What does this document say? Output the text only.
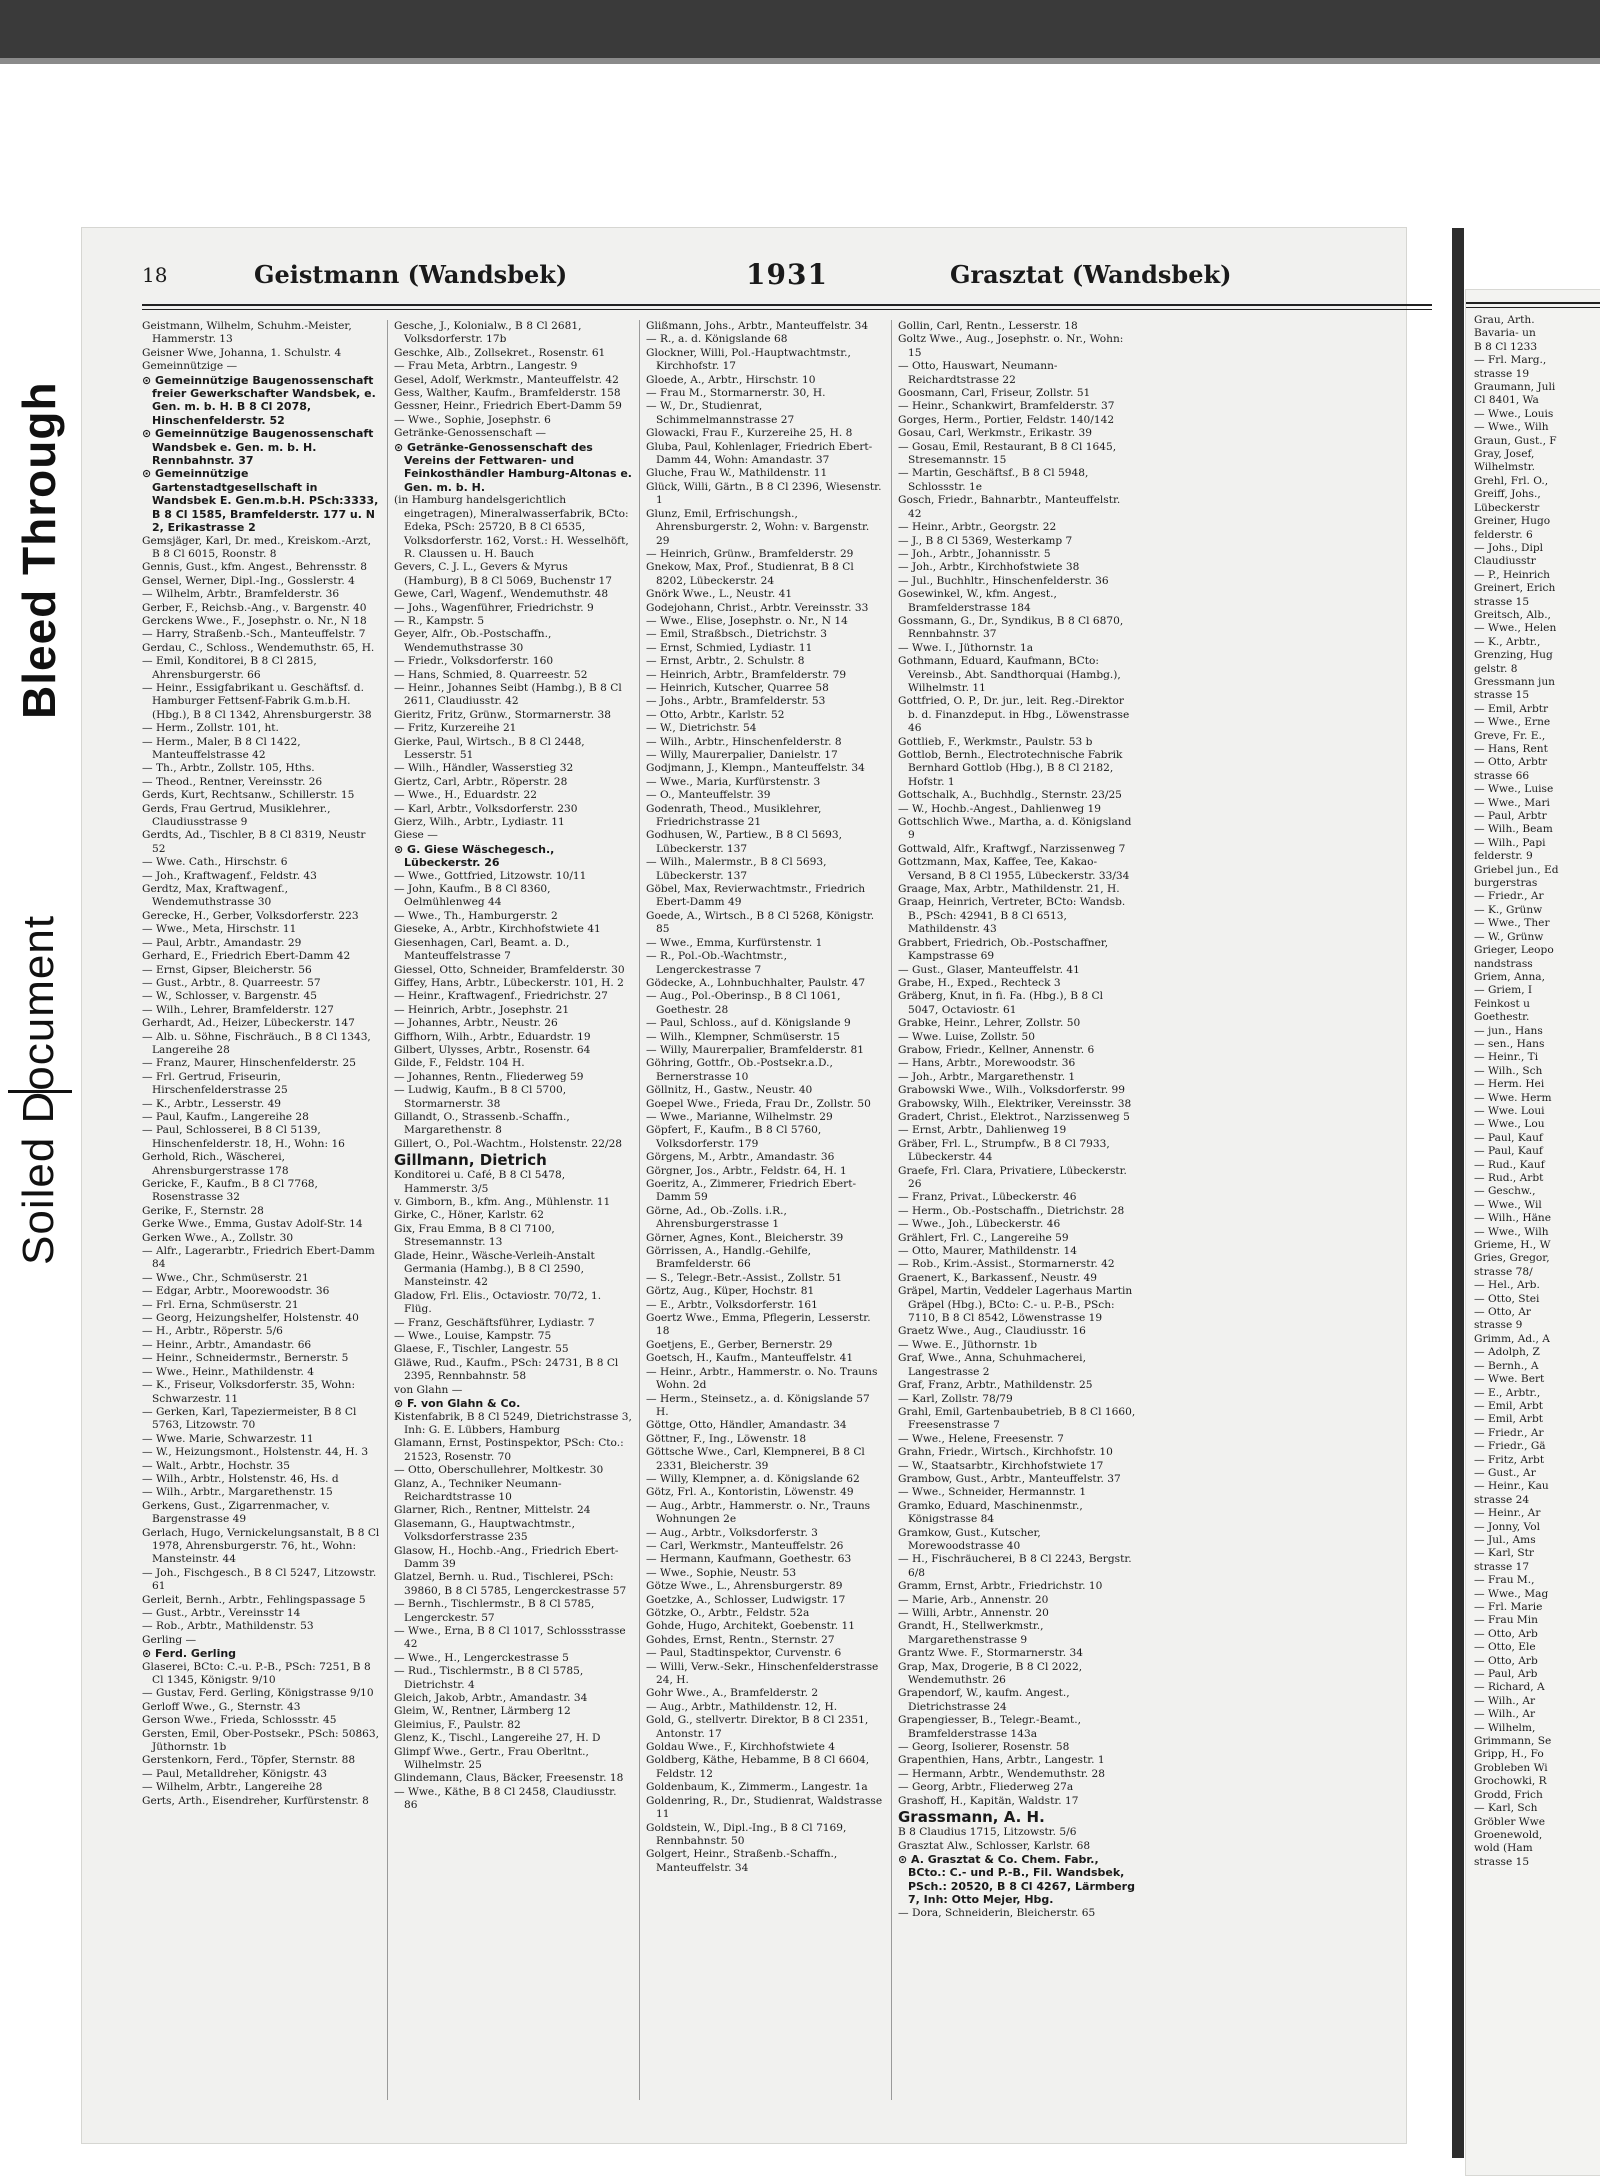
Bleed Through
Soiled Document
18	Geistmann (Wandsbek)	1931	Grasztat (Wandsbek)

Geistmann, Wilhelm, Schuhm.-Meister, Hammerstr. 13

Geisner Wwe, Johanna, 1. Schulstr. 4

Gemeinnützige —

⊙ Gemeinnützige Baugenossenschaft freier Gewerkschafter Wandsbek, e. Gen. m. b. H. B 8 Cl 2078, Hinschenfelderstr. 52

⊙ Gemeinnützige Baugenossenschaft Wandsbek e. Gen. m. b. H. Rennbahnstr. 37

⊙ Gemeinnützige Gartenstadtgesellschaft in Wandsbek E. Gen.m.b.H. PSch:3333, B 8 Cl 1585, Bramfelderstr. 177 u. N 2, Erikastrasse 2

Gemsjäger, Karl, Dr. med., Kreiskom.-Arzt, B 8 Cl 6015, Roonstr. 8

Gennis, Gust., kfm. Angest., Behrensstr. 8

Gensel, Werner, Dipl.-Ing., Gosslerstr. 4

— Wilhelm, Arbtr., Bramfelderstr. 36

Gerber, F., Reichsb.-Ang., v. Bargenstr. 40

Gerckens Wwe., F., Josephstr. o. Nr., N 18

— Harry, Straßenb.-Sch., Manteuffelstr. 7

Gerdau, C., Schloss., Wendemuthstr. 65, H.

— Emil, Konditorei, B 8 Cl 2815, Ahrensburgerstr. 66

— Heinr., Essigfabrikant u. Geschäftsf. d. Hamburger Fettsenf-Fabrik G.m.b.H. (Hbg.), B 8 Cl 1342, Ahrensburgerstr. 38

— Herm., Zollstr. 101, ht.

— Herm., Maler, B 8 Cl 1422, Manteuffelstrasse 42

— Th., Arbtr., Zollstr. 105, Hths.

— Theod., Rentner, Vereinsstr. 26

Gerds, Kurt, Rechtsanw., Schillerstr. 15

Gerds, Frau Gertrud, Musiklehrer., Claudiusstrasse 9

Gerdts, Ad., Tischler, B 8 Cl 8319, Neustr 52

— Wwe. Cath., Hirschstr. 6

— Joh., Kraftwagenf., Feldstr. 43

Gerdtz, Max, Kraftwagenf., Wendemuthstrasse 30

Gerecke, H., Gerber, Volksdorferstr. 223

— Wwe., Meta, Hirschstr. 11

— Paul, Arbtr., Amandastr. 29

Gerhard, E., Friedrich Ebert-Damm 42

— Ernst, Gipser, Bleicherstr. 56

— Gust., Arbtr., 8. Quarreestr. 57

— W., Schlosser, v. Bargenstr. 45

— Wilh., Lehrer, Bramfelderstr. 127

Gerhardt, Ad., Heizer, Lübeckerstr. 147

— Alb. u. Söhne, Fischräuch., B 8 Cl 1343, Langereihe 28

— Franz, Maurer, Hinschenfelderstr. 25

— Frl. Gertrud, Friseurin, Hirschenfelderstrasse 25

— K., Arbtr., Lesserstr. 49

— Paul, Kaufm., Langereihe 28

— Paul, Schlosserei, B 8 Cl 5139, Hinschenfelderstr. 18, H., Wohn: 16

Gerhold, Rich., Wäscherei, Ahrensburgerstrasse 178

Gericke, F., Kaufm., B 8 Cl 7768, Rosenstrasse 32

Gerike, F., Sternstr. 28

Gerke Wwe., Emma, Gustav Adolf-Str. 14

Gerken Wwe., A., Zollstr. 30

— Alfr., Lagerarbtr., Friedrich Ebert-Damm 84

— Wwe., Chr., Schmüserstr. 21

— Edgar, Arbtr., Moorewoodstr. 36

— Frl. Erna, Schmüserstr. 21

— Georg, Heizungshelfer, Holstenstr. 40

— H., Arbtr., Röperstr. 5/6

— Heinr., Arbtr., Amandastr. 66

— Heinr., Schneidermstr., Bernerstr. 5

— Wwe., Heinr., Mathildenstr. 4

— K., Friseur, Volksdorferstr. 35, Wohn: Schwarzestr. 11

— Gerken, Karl, Tapeziermeister, B 8 Cl 5763, Litzowstr. 70

— Wwe. Marie, Schwarzestr. 11

— W., Heizungsmont., Holstenstr. 44, H. 3

— Walt., Arbtr., Hochstr. 35

— Wilh., Arbtr., Holstenstr. 46, Hs. d

— Wilh., Arbtr., Margarethenstr. 15

Gerkens, Gust., Zigarrenmacher, v. Bargenstrasse 49

Gerlach, Hugo, Vernickelungsanstalt, B 8 Cl 1978, Ahrensburgerstr. 76, ht., Wohn: Mansteinstr. 44

— Joh., Fischgesch., B 8 Cl 5247, Litzowstr. 61

Gerleit, Bernh., Arbtr., Fehlingspassage 5

— Gust., Arbtr., Vereinsstr 14

— Rob., Arbtr., Mathildenstr. 53

Gerling —

⊙ Ferd. Gerling

Glaserei, BCto: C.-u. P.-B., PSch: 7251, B 8 Cl 1345, Königstr. 9/10

— Gustav, Ferd. Gerling, Königstrasse 9/10

Gerloff Wwe., G., Sternstr. 43

Gerson Wwe., Frieda, Schlossstr. 45

Gersten, Emil, Ober-Postsekr., PSch: 50863, Jüthornstr. 1b

Gerstenkorn, Ferd., Töpfer, Sternstr. 88

— Paul, Metalldreher, Königstr. 43

— Wilhelm, Arbtr., Langereihe 28

Gerts, Arth., Eisendreher, Kurfürstenstr. 8

Gesche, J., Kolonialw., B 8 Cl 2681, Volksdorferstr. 17b

Geschke, Alb., Zollsekret., Rosenstr. 61

— Frau Meta, Arbtrn., Langestr. 9

Gesel, Adolf, Werkmstr., Manteuffelstr. 42

Gess, Walther, Kaufm., Bramfelderstr. 158

Gessner, Heinr., Friedrich Ebert-Damm 59

— Wwe., Sophie, Josephstr. 6

Getränke-Genossenschaft —

⊙ Getränke-Genossenschaft des Vereins der Fettwaren- und Feinkosthändler Hamburg-Altonas e. Gen. m. b. H.

(in Hamburg handelsgerichtlich eingetragen), Mineralwasserfabrik, BCto: Edeka, PSch: 25720, B 8 Cl 6535, Volksdorferstr. 162, Vorst.: H. Wesselhöft, R. Claussen u. H. Bauch

Gevers, C. J. L., Gevers & Myrus (Hamburg), B 8 Cl 5069, Buchenstr 17

Gewe, Carl, Wagenf., Wendemuthstr. 48

— Johs., Wagenführer, Friedrichstr. 9

— R., Kampstr. 5

Geyer, Alfr., Ob.-Postschaffn., Wendemuthstrasse 30

— Friedr., Volksdorferstr. 160

— Hans, Schmied, 8. Quarreestr. 52

— Heinr., Johannes Seibt (Hambg.), B 8 Cl 2611, Claudiusstr. 42

Gieritz, Fritz, Grünw., Stormarnerstr. 38

— Fritz, Kurzereihe 21

Gierke, Paul, Wirtsch., B 8 Cl 2448, Lesserstr. 51

— Wilh., Händler, Wasserstieg 32

Giertz, Carl, Arbtr., Röperstr. 28

— Wwe., H., Eduardstr. 22

— Karl, Arbtr., Volksdorferstr. 230

Gierz, Wilh., Arbtr., Lydiastr. 11

Giese —

⊙ G. Giese Wäschegesch., Lübeckerstr. 26

— Wwe., Gottfried, Litzowstr. 10/11

— John, Kaufm., B 8 Cl 8360, Oelmühlenweg 44

— Wwe., Th., Hamburgerstr. 2

Gieseke, A., Arbtr., Kirchhofstwiete 41

Giesenhagen, Carl, Beamt. a. D., Manteuffelstrasse 7

Giessel, Otto, Schneider, Bramfelderstr. 30

Giffey, Hans, Arbtr., Lübeckerstr. 101, H. 2

— Heinr., Kraftwagenf., Friedrichstr. 27

— Heinrich, Arbtr., Josephstr. 21

— Johannes, Arbtr., Neustr. 26

Giffhorn, Wilh., Arbtr., Eduardstr. 19

Gilbert, Ulysses, Arbtr., Rosenstr. 64

Gilde, F., Feldstr. 104 H.

— Johannes, Rentn., Fliederweg 59

— Ludwig, Kaufm., B 8 Cl 5700, Stormarnerstr. 38

Gillandt, O., Strassenb.-Schaffn., Margarethenstr. 8

Gillert, O., Pol.-Wachtm., Holstenstr. 22/28

Gillmann, Dietrich

Konditorei u. Café, B 8 Cl 5478, Hammerstr. 3/5

v. Gimborn, B., kfm. Ang., Mühlenstr. 11

Girke, C., Höner, Karlstr. 62

Gix, Frau Emma, B 8 Cl 7100, Stresemannstr. 13

Glade, Heinr., Wäsche-Verleih-Anstalt Germania (Hambg.), B 8 Cl 2590, Mansteinstr. 42

Gladow, Frl. Elis., Octaviostr. 70/72, 1. Flüg.

— Franz, Geschäftsführer, Lydiastr. 7

— Wwe., Louise, Kampstr. 75

Glaese, F., Tischler, Langestr. 55

Gläwe, Rud., Kaufm., PSch: 24731, B 8 Cl 2395, Rennbahnstr. 58

von Glahn —

⊙ F. von Glahn & Co.

Kistenfabrik, B 8 Cl 5249, Dietrichstrasse 3, Inh: G. E. Lübbers, Hamburg

Glamann, Ernst, Postinspektor, PSch: Cto.: 21523, Rosenstr. 70

— Otto, Oberschullehrer, Moltkestr. 30

Glanz, A., Techniker Neumann-Reichardtstrasse 10

Glarner, Rich., Rentner, Mittelstr. 24

Glasemann, G., Hauptwachtmstr., Volksdorferstrasse 235

Glasow, H., Hochb.-Ang., Friedrich Ebert-Damm 39

Glatzel, Bernh. u. Rud., Tischlerei, PSch: 39860, B 8 Cl 5785, Lengerckestrasse 57

— Bernh., Tischlermstr., B 8 Cl 5785, Lengerckestr. 57

— Wwe., Erna, B 8 Cl 1017, Schlossstrasse 42

— Wwe., H., Lengerckestrasse 5

— Rud., Tischlermstr., B 8 Cl 5785, Dietrichstr. 4

Gleich, Jakob, Arbtr., Amandastr. 34

Gleim, W., Rentner, Lärmberg 12

Gleimius, F., Paulstr. 82

Glenz, K., Tischl., Langereihe 27, H. D

Glimpf Wwe., Gertr., Frau Oberltnt., Wilhelmstr. 25

Glindemann, Claus, Bäcker, Freesenstr. 18

— Wwe., Käthe, B 8 Cl 2458, Claudiusstr. 86

Glißmann, Johs., Arbtr., Manteuffelstr. 34

— R., a. d. Königslande 68

Glockner, Willi, Pol.-Hauptwachtmstr., Kirchhofstr. 17

Gloede, A., Arbtr., Hirschstr. 10

— Frau M., Stormarnerstr. 30, H.

— W., Dr., Studienrat, Schimmelmannstrasse 27

Glowacki, Frau F., Kurzereihe 25, H. 8

Gluba, Paul, Kohlenlager, Friedrich Ebert-Damm 44, Wohn: Amandastr. 37

Gluche, Frau W., Mathildenstr. 11

Glück, Willi, Gärtn., B 8 Cl 2396, Wiesenstr. 1

Glunz, Emil, Erfrischungsh., Ahrensburgerstr. 2, Wohn: v. Bargenstr. 29

— Heinrich, Grünw., Bramfelderstr. 29

Gnekow, Max, Prof., Studienrat, B 8 Cl 8202, Lübeckerstr. 24

Gnörk Wwe., L., Neustr. 41

Godejohann, Christ., Arbtr. Vereinsstr. 33

— Wwe., Elise, Josephstr. o. Nr., N 14

— Emil, Straßbsch., Dietrichstr. 3

— Ernst, Schmied, Lydiastr. 11

— Ernst, Arbtr., 2. Schulstr. 8

— Heinrich, Arbtr., Bramfelderstr. 79

— Heinrich, Kutscher, Quarree 58

— Johs., Arbtr., Bramfelderstr. 53

— Otto, Arbtr., Karlstr. 52

— W., Dietrichstr. 54

— Wilh., Arbtr., Hinschenfelderstr. 8

— Willy, Maurerpalier, Danielstr. 17

Godjmann, J., Klempn., Manteuffelstr. 34

— Wwe., Maria, Kurfürstenstr. 3

— O., Manteuffelstr. 39

Godenrath, Theod., Musiklehrer, Friedrichstrasse 21

Godhusen, W., Partiew., B 8 Cl 5693, Lübeckerstr. 137

— Wilh., Malermstr., B 8 Cl 5693, Lübeckerstr. 137

Göbel, Max, Revierwachtmstr., Friedrich Ebert-Damm 49

Goede, A., Wirtsch., B 8 Cl 5268, Königstr. 85

— Wwe., Emma, Kurfürstenstr. 1

— R., Pol.-Ob.-Wachtmstr., Lengerckestrasse 7

Gödecke, A., Lohnbuchhalter, Paulstr. 47

— Aug., Pol.-Oberinsp., B 8 Cl 1061, Goethestr. 28

— Paul, Schloss., auf d. Königslande 9

— Wilh., Klempner, Schmüserstr. 15

— Willy, Maurerpalier, Bramfelderstr. 81

Göhring, Gottfr., Ob.-Postsekr.a.D., Bernerstrasse 10

Göllnitz, H., Gastw., Neustr. 40

Goepel Wwe., Frieda, Frau Dr., Zollstr. 50

— Wwe., Marianne, Wilhelmstr. 29

Göpfert, F., Kaufm., B 8 Cl 5760, Volksdorferstr. 179

Görgens, M., Arbtr., Amandastr. 36

Görgner, Jos., Arbtr., Feldstr. 64, H. 1

Goeritz, A., Zimmerer, Friedrich Ebert-Damm 59

Görne, Ad., Ob.-Zolls. i.R., Ahrensburgerstrasse 1

Görner, Agnes, Kont., Bleicherstr. 39

Görrissen, A., Handlg.-Gehilfe, Bramfelderstr. 66

— S., Telegr.-Betr.-Assist., Zollstr. 51

Görtz, Aug., Küper, Hochstr. 81

— E., Arbtr., Volksdorferstr. 161

Goertz Wwe., Emma, Pflegerin, Lesserstr. 18

Goetjens, E., Gerber, Bernerstr. 29

Goetsch, H., Kaufm., Manteuffelstr. 41

— Heinr., Arbtr., Hammerstr. o. No. Trauns Wohn. 2d

— Herm., Steinsetz., a. d. Königslande 57 H.

Göttge, Otto, Händler, Amandastr. 34

Göttner, F., Ing., Löwenstr. 18

Göttsche Wwe., Carl, Klempnerei, B 8 Cl 2331, Bleicherstr. 39

— Willy, Klempner, a. d. Königslande 62

Götz, Frl. A., Kontoristin, Löwenstr. 49

— Aug., Arbtr., Hammerstr. o. Nr., Trauns Wohnungen 2e

— Aug., Arbtr., Volksdorferstr. 3

— Carl, Werkmstr., Manteuffelstr. 26

— Hermann, Kaufmann, Goethestr. 63

— Wwe., Sophie, Neustr. 53

Götze Wwe., L., Ahrensburgerstr. 89

Goetzke, A., Schlosser, Ludwigstr. 17

Götzke, O., Arbtr., Feldstr. 52a

Gohde, Hugo, Architekt, Goebenstr. 11

Gohdes, Ernst, Rentn., Sternstr. 27

— Paul, Stadtinspektor, Curvenstr. 6

— Willi, Verw.-Sekr., Hinschenfelderstrasse 24, H.

Gohr Wwe., A., Bramfelderstr. 2

— Aug., Arbtr., Mathildenstr. 12, H.

Gold, G., stellvertr. Direktor, B 8 Cl 2351, Antonstr. 17

Goldau Wwe., F., Kirchhofstwiete 4

Goldberg, Käthe, Hebamme, B 8 Cl 6604, Feldstr. 12

Goldenbaum, K., Zimmerm., Langestr. 1a

Goldenring, R., Dr., Studienrat, Waldstrasse 11

Goldstein, W., Dipl.-Ing., B 8 Cl 7169, Rennbahnstr. 50

Golgert, Heinr., Straßenb.-Schaffn., Manteuffelstr. 34

Gollin, Carl, Rentn., Lesserstr. 18

Goltz Wwe., Aug., Josephstr. o. Nr., Wohn: 15

— Otto, Hauswart, Neumann-Reichardtstrasse 22

Goosmann, Carl, Friseur, Zollstr. 51

— Heinr., Schankwirt, Bramfelderstr. 37

Gorges, Herm., Portier, Feldstr. 140/142

Gosau, Carl, Werkmstr., Erikastr. 39

— Gosau, Emil, Restaurant, B 8 Cl 1645, Stresemannstr. 15

— Martin, Geschäftsf., B 8 Cl 5948, Schlossstr. 1e

Gosch, Friedr., Bahnarbtr., Manteuffelstr. 42

— Heinr., Arbtr., Georgstr. 22

— J., B 8 Cl 5369, Westerkamp 7

— Joh., Arbtr., Johannisstr. 5

— Joh., Arbtr., Kirchhofstwiete 38

— Jul., Buchhltr., Hinschenfelderstr. 36

Gosewinkel, W., kfm. Angest., Bramfelderstrasse 184

Gossmann, G., Dr., Syndikus, B 8 Cl 6870, Rennbahnstr. 37

— Wwe. I., Jüthornstr. 1a

Gothmann, Eduard, Kaufmann, BCto: Vereinsb., Abt. Sandthorquai (Hambg.), Wilhelmstr. 11

Gottfried, O. P., Dr. jur., leit. Reg.-Direktor b. d. Finanzdeput. in Hbg., Löwenstrasse 46

Gottlieb, F., Werkmstr., Paulstr. 53 b

Gottlob, Bernh., Electrotechnische Fabrik Bernhard Gottlob (Hbg.), B 8 Cl 2182, Hofstr. 1

Gottschalk, A., Buchhdlg., Sternstr. 23/25

— W., Hochb.-Angest., Dahlienweg 19

Gottschlich Wwe., Martha, a. d. Königsland 9

Gottwald, Alfr., Kraftwgf., Narzissenweg 7

Gottzmann, Max, Kaffee, Tee, Kakao-Versand, B 8 Cl 1955, Lübeckerstr. 33/34

Graage, Max, Arbtr., Mathildenstr. 21, H.

Graap, Heinrich, Vertreter, BCto: Wandsb. B., PSch: 42941, B 8 Cl 6513, Mathildenstr. 43

Grabbert, Friedrich, Ob.-Postschaffner, Kampstrasse 69

— Gust., Glaser, Manteuffelstr. 41

Grabe, H., Exped., Rechteck 3

Gräberg, Knut, in fi. Fa. (Hbg.), B 8 Cl 5047, Octaviostr. 61

Grabke, Heinr., Lehrer, Zollstr. 50

— Wwe. Luise, Zollstr. 50

Grabow, Friedr., Kellner, Annenstr. 6

— Hans, Arbtr., Morewoodstr. 36

— Joh., Arbtr., Margarethenstr. 1

Grabowski Wwe., Wilh., Volksdorferstr. 99

Grabowsky, Wilh., Elektriker, Vereinsstr. 38

Gradert, Christ., Elektrot., Narzissenweg 5

— Ernst, Arbtr., Dahlienweg 19

Gräber, Frl. L., Strumpfw., B 8 Cl 7933, Lübeckerstr. 44

Graefe, Frl. Clara, Privatiere, Lübeckerstr. 26

— Franz, Privat., Lübeckerstr. 46

— Herm., Ob.-Postschaffn., Dietrichstr. 28

— Wwe., Joh., Lübeckerstr. 46

Grählert, Frl. C., Langereihe 59

— Otto, Maurer, Mathildenstr. 14

— Rob., Krim.-Assist., Stormarnerstr. 42

Graenert, K., Barkassenf., Neustr. 49

Gräpel, Martin, Veddeler Lagerhaus Martin Gräpel (Hbg.), BCto: C.- u. P.-B., PSch: 7110, B 8 Cl 8542, Löwenstrasse 19

Graetz Wwe., Aug., Claudiusstr. 16

— Wwe. E., Jüthornstr. 1b

Graf, Wwe., Anna, Schuhmacherei, Langestrasse 2

Graf, Franz, Arbtr., Mathildenstr. 25

— Karl, Zollstr. 78/79

Grahl, Emil, Gartenbaubetrieb, B 8 Cl 1660, Freesenstrasse 7

— Wwe., Helene, Freesenstr. 7

Grahn, Friedr., Wirtsch., Kirchhofstr. 10

— W., Staatsarbtr., Kirchhofstwiete 17

Grambow, Gust., Arbtr., Manteuffelstr. 37

— Wwe., Schneider, Hermannstr. 1

Gramko, Eduard, Maschinenmstr., Königstrasse 84

Gramkow, Gust., Kutscher, Morewoodstrasse 40

— H., Fischräucherei, B 8 Cl 2243, Bergstr. 6/8

Gramm, Ernst, Arbtr., Friedrichstr. 10

— Marie, Arb., Annenstr. 20

— Willi, Arbtr., Annenstr. 20

Grandt, H., Stellwerkmstr., Margarethenstrasse 9

Grantz Wwe. F., Stormarnerstr. 34

Grap, Max, Drogerie, B 8 Cl 2022, Wendemuthstr. 26

Grapendorf, W., kaufm. Angest., Dietrichstrasse 24

Grapengiesser, B., Telegr.-Beamt., Bramfelderstrasse 143a

— Georg, Isolierer, Rosenstr. 58

Grapenthien, Hans, Arbtr., Langestr. 1

— Hermann, Arbtr., Wendemuthstr. 28

— Georg, Arbtr., Fliederweg 27a

Grashoff, H., Kapitän, Waldstr. 17

Grassmann, A. H.

B 8 Claudius 1715, Litzowstr. 5/6

Grasztat Alw., Schlosser, Karlstr. 68

⊙ A. Grasztat & Co. Chem. Fabr., BCto.: C.- und P.-B., Fil. Wandsbek, PSch.: 20520, B 8 Cl 4267, Lärmberg 7, Inh: Otto Mejer, Hbg.

— Dora, Schneiderin, Bleicherstr. 65

Grau, Arth.

Bavaria- un

B 8 Cl 1233

— Frl. Marg.,

strasse 19

Graumann, Juli

Cl 8401, Wa

— Wwe., Louis

— Wwe., Wilh

Graun, Gust., F

Gray, Josef,

Wilhelmstr.

Grehl, Frl. O.,

Greiff, Johs.,

Lübeckerstr

Greiner, Hugo

felderstr. 6

— Johs., Dipl

Claudiusstr

— P., Heinrich

Greinert, Erich

strasse 15

Greitsch, Alb.,

— Wwe., Helen

— K., Arbtr.,

Grenzing, Hug

gelstr. 8

Gressmann jun

strasse 15

— Emil, Arbtr

— Wwe., Erne

Greve, Fr. E.,

— Hans, Rent

— Otto, Arbtr

strasse 66

— Wwe., Luise

— Wwe., Mari

— Paul, Arbtr

— Wilh., Beam

— Wilh., Papi

felderstr. 9

Griebel jun., Ed

burgerstras

— Friedr., Ar

— K., Grünw

— Wwe., Ther

— W., Grünw

Grieger, Leopo

nandstrass

Griem, Anna,

— Griem, I

Feinkost u

Goethestr.

— jun., Hans

— sen., Hans

— Heinr., Ti

— Wilh., Sch

— Herm. Hei

— Wwe. Herm

— Wwe. Loui

— Wwe., Lou

— Paul, Kauf

— Paul, Kauf

— Rud., Kauf

— Rud., Arbt

— Geschw.,

— Wwe., Wil

— Wilh., Häne

— Wwe., Wilh

Grieme, H., W

Gries, Gregor,

strasse 78/

— Hel., Arb.

— Otto, Stei

— Otto, Ar

strasse 9

Grimm, Ad., A

— Adolph, Z

— Bernh., A

— Wwe. Bert

— E., Arbtr.,

— Emil, Arbt

— Emil, Arbt

— Friedr., Ar

— Friedr., Gä

— Fritz, Arbt

— Gust., Ar

— Heinr., Kau

strasse 24

— Heinr., Ar

— Jonny, Vol

— Jul., Ams

— Karl, Str

strasse 17

— Frau M.,

— Wwe., Mag

— Frl. Marie

— Frau Min

— Otto, Arb

— Otto, Ele

— Otto, Arb

— Paul, Arb

— Richard, A

— Wilh., Ar

— Wilh., Ar

— Wilhelm,

Grimmann, Se

Gripp, H., Fo

Grobleben Wi

Grochowki, R

Grodd, Frich

— Karl, Sch

Gröbler Wwe

Groenewold,

wold (Ham

strasse 15
